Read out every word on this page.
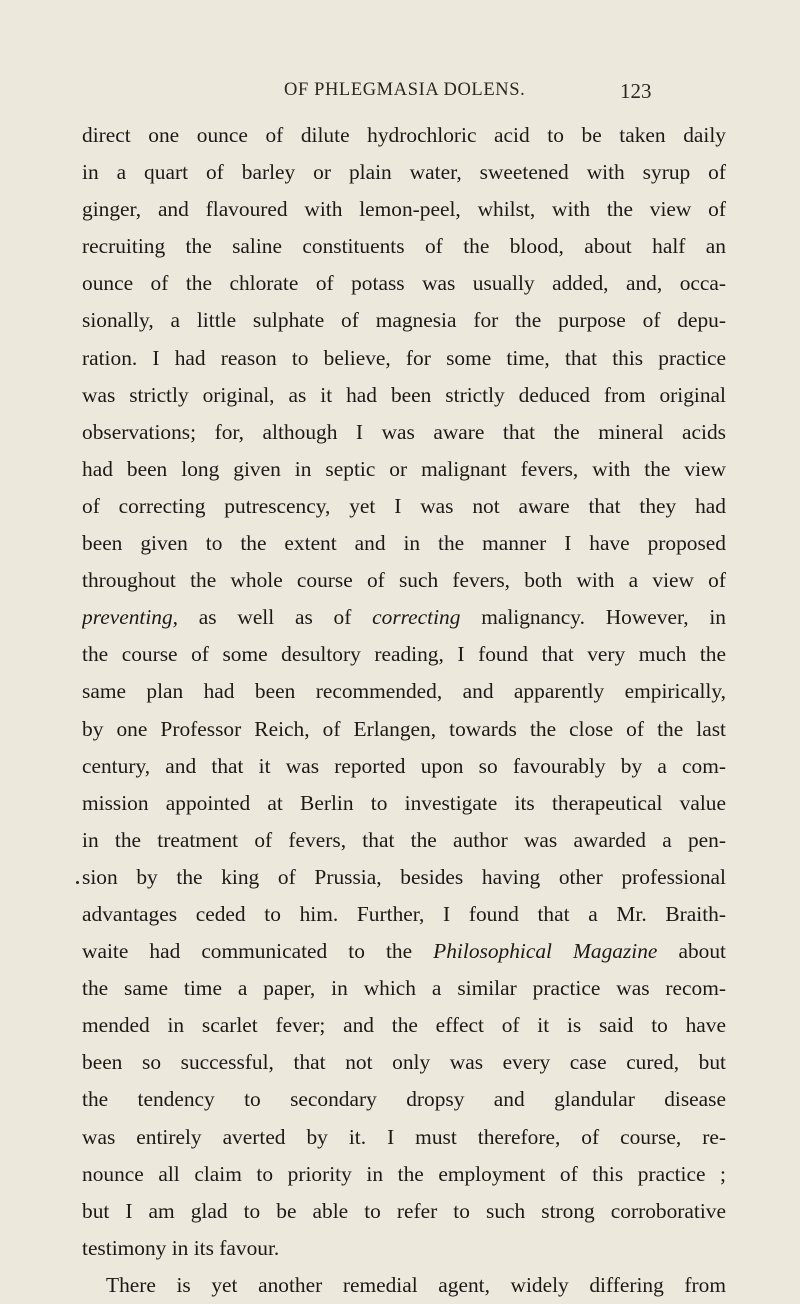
OF PHLEGMASIA DOLENS.	123
direct one ounce of dilute hydrochloric acid to be taken daily
in a quart of barley or plain water, sweetened with syrup of
ginger, and flavoured with lemon-peel, whilst, with the view of
recruiting the saline constituents of the blood, about half an
ounce of the chlorate of potass was usually added, and, occa-
sionally, a little sulphate of magnesia for the purpose of depu-
ration. I had reason to believe, for some time, that this practice
was strictly original, as it had been strictly deduced from original
observations; for, although I was aware that the mineral acids
had been long given in septic or malignant fevers, with the view
of correcting putrescency, yet I was not aware that they had
been given to the extent and in the manner I have proposed
throughout the whole course of such fevers, both with a view of
preventing, as well as of correcting malignancy. However, in
the course of some desultory reading, I found that very much the
same plan had been recommended, and apparently empirically,
by one Professor Reich, of Erlangen, towards the close of the last
century, and that it was reported upon so favourably by a com-
mission appointed at Berlin to investigate its therapeutical value
in the treatment of fevers, that the author was awarded a pen-
sion by the king of Prussia, besides having other professional
advantages ceded to him. Further, I found that a Mr. Braith-
waite had communicated to the Philosophical Magazine about
the same time a paper, in which a similar practice was recom-
mended in scarlet fever; and the effect of it is said to have
been so successful, that not only was every case cured, but
the tendency to secondary dropsy and glandular disease
was entirely averted by it. I must therefore, of course, re-
nounce all claim to priority in the employment of this practice ;
but I am glad to be able to refer to such strong corroborative
testimony in its favour.
There is yet another remedial agent, widely differing from
